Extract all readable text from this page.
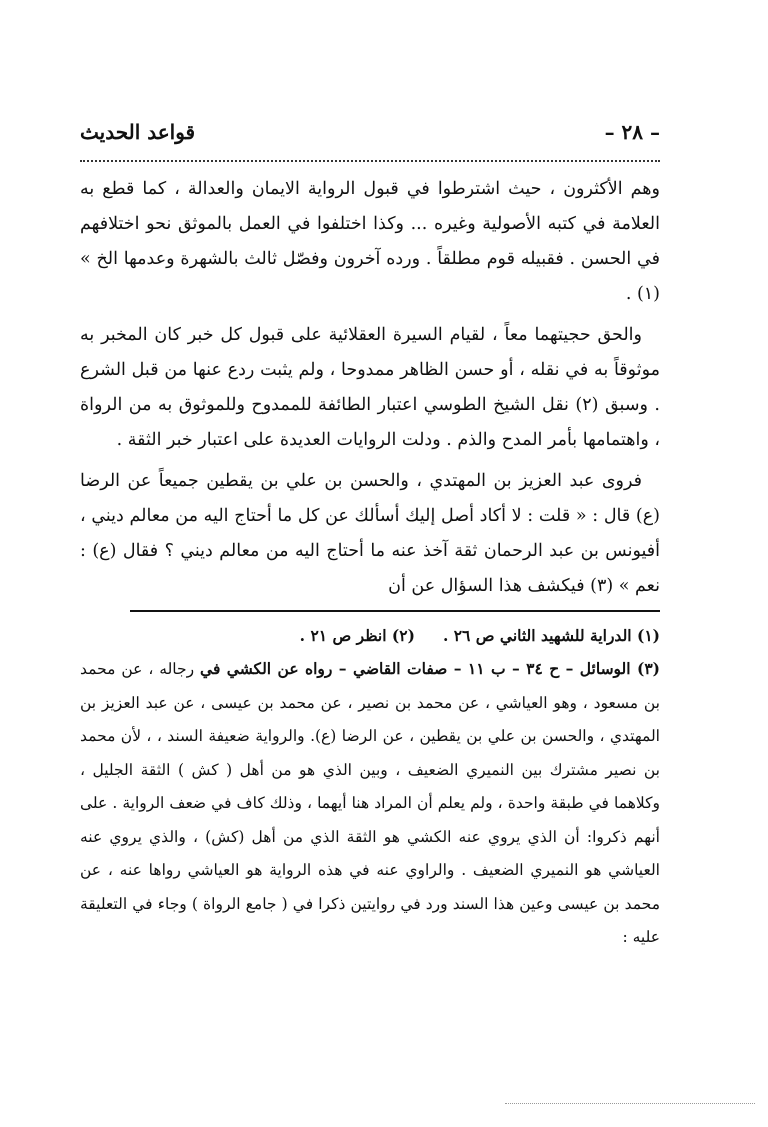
– ٢٨ –
قواعد الحديث

وهم الأكثرون ، حيث اشترطوا في قبول الرواية الايمان والعدالة ، كما قطع به العلامة في كتبه الأصولية وغيره ... وكذا اختلفوا في العمل بالموثق نحو اختلافهم في الحسن . فقبيله قوم مطلقاً . ورده آخرون وفصّل ثالث بالشهرة وعدمها الخ » (١) .

والحق حجيتهما معاً ، لقيام السيرة العقلائية على قبول كل خبر كان المخبر به موثوقاً به في نقله ، أو حسن الظاهر ممدوحا ، ولم يثبت ردع عنها من قبل الشرع . وسبق (٢) نقل الشيخ الطوسي اعتبار الطائفة للممدوح وللموثوق به من الرواة ، واهتمامها بأمر المدح والذم . ودلت الروايات العديدة على اعتبار خبر الثقة .

فروى عبد العزيز بن المهتدي ، والحسن بن علي بن يقطين جميعاً عن الرضا (ع) قال : « قلت : لا أكاد أصل إليك أسألك عن كل ما أحتاج اليه من معالم ديني ، أفيونس بن عبد الرحمان ثقة آخذ عنه ما أحتاج اليه من معالم ديني ؟ فقال (ع) : نعم » (٣) فيكشف هذا السؤال عن أن

(١) الدراية للشهيد الثاني ص ٢٦ .
(٢) انظر ص ٢١ .

(٣) الوسائل – ح ٣٤ – ب ١١ – صفات القاضي – رواه عن الكشي في رجاله ، عن محمد بن مسعود ، وهو العياشي ، عن محمد بن نصير ، عن محمد بن عيسى ، عن عبد العزيز بن المهتدي ، والحسن بن علي بن يقطين ، عن الرضا (ع). والرواية ضعيفة السند ، ، لأن محمد بن نصير مشترك بين النميري الضعيف ، وبين الذي هو من أهل ( كش ) الثقة الجليل ، وكلاهما في طبقة واحدة ، ولم يعلم أن المراد هنا أيهما ، وذلك كاف في ضعف الرواية . على أنهم ذكروا: أن الذي يروي عنه الكشي هو الثقة الذي من أهل (كش) ، والذي يروي عنه العياشي هو النميري الضعيف . والراوي عنه في هذه الرواية هو العياشي رواها عنه ، عن محمد بن عيسى وعين هذا السند ورد في روايتين ذكرا في ( جامع الرواة ) وجاء في التعليقة عليه :
